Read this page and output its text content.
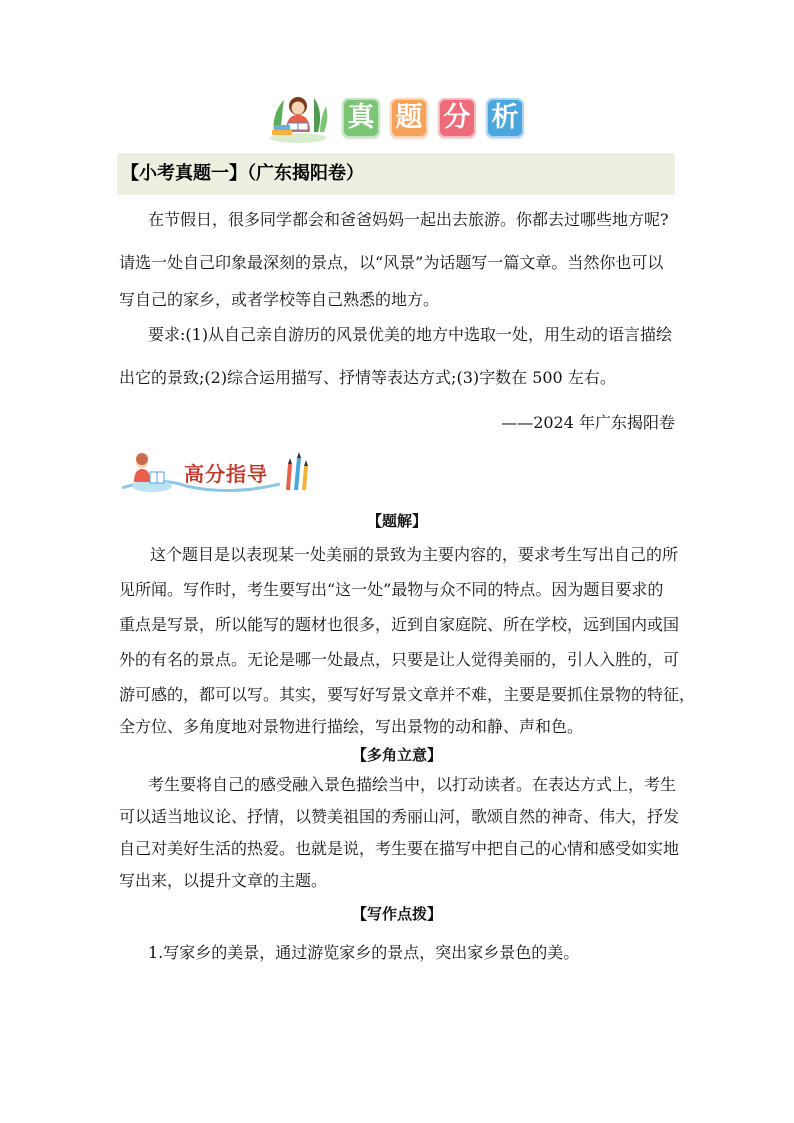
真 题 分 析
【小考真题一】（广东揭阳卷）
在节假日，很多同学都会和爸爸妈妈一起出去旅游。你都去过哪些地方呢?
请选一处自己印象最深刻的景点，以“风景”为话题写一篇文章。当然你也可以
写自己的家乡，或者学校等自己熟悉的地方。
要求:(1)从自己亲自游历的风景优美的地方中选取一处，用生动的语言描绘
出它的景致;(2)综合运用描写、抒情等表达方式;(3)字数在 500 左右。
——2024 年广东揭阳卷
高分指导
【题解】
这个题目是以表现某一处美丽的景致为主要内容的，要求考生写出自己的所
见所闻。写作时，考生要写出“这一处”最物与众不同的特点。因为题目要求的
重点是写景，所以能写的题材也很多，近到自家庭院、所在学校，远到国内或国
外的有名的景点。无论是哪一处最点，只要是让人觉得美丽的，引人入胜的，可
游可感的，都可以写。其实，要写好写景文章并不难，主要是要抓住景物的特征，
全方位、多角度地对景物进行描绘，写出景物的动和静、声和色。
【多角立意】
考生要将自己的感受融入景色描绘当中，以打动读者。在表达方式上，考生
可以适当地议论、抒情，以赞美祖国的秀丽山河，歌颂自然的神奇、伟大，抒发
自己对美好生活的热爱。也就是说，考生要在描写中把自己的心情和感受如实地
写出来，以提升文章的主题。
【写作点拨】
1.写家乡的美景，通过游览家乡的景点，突出家乡景色的美。
